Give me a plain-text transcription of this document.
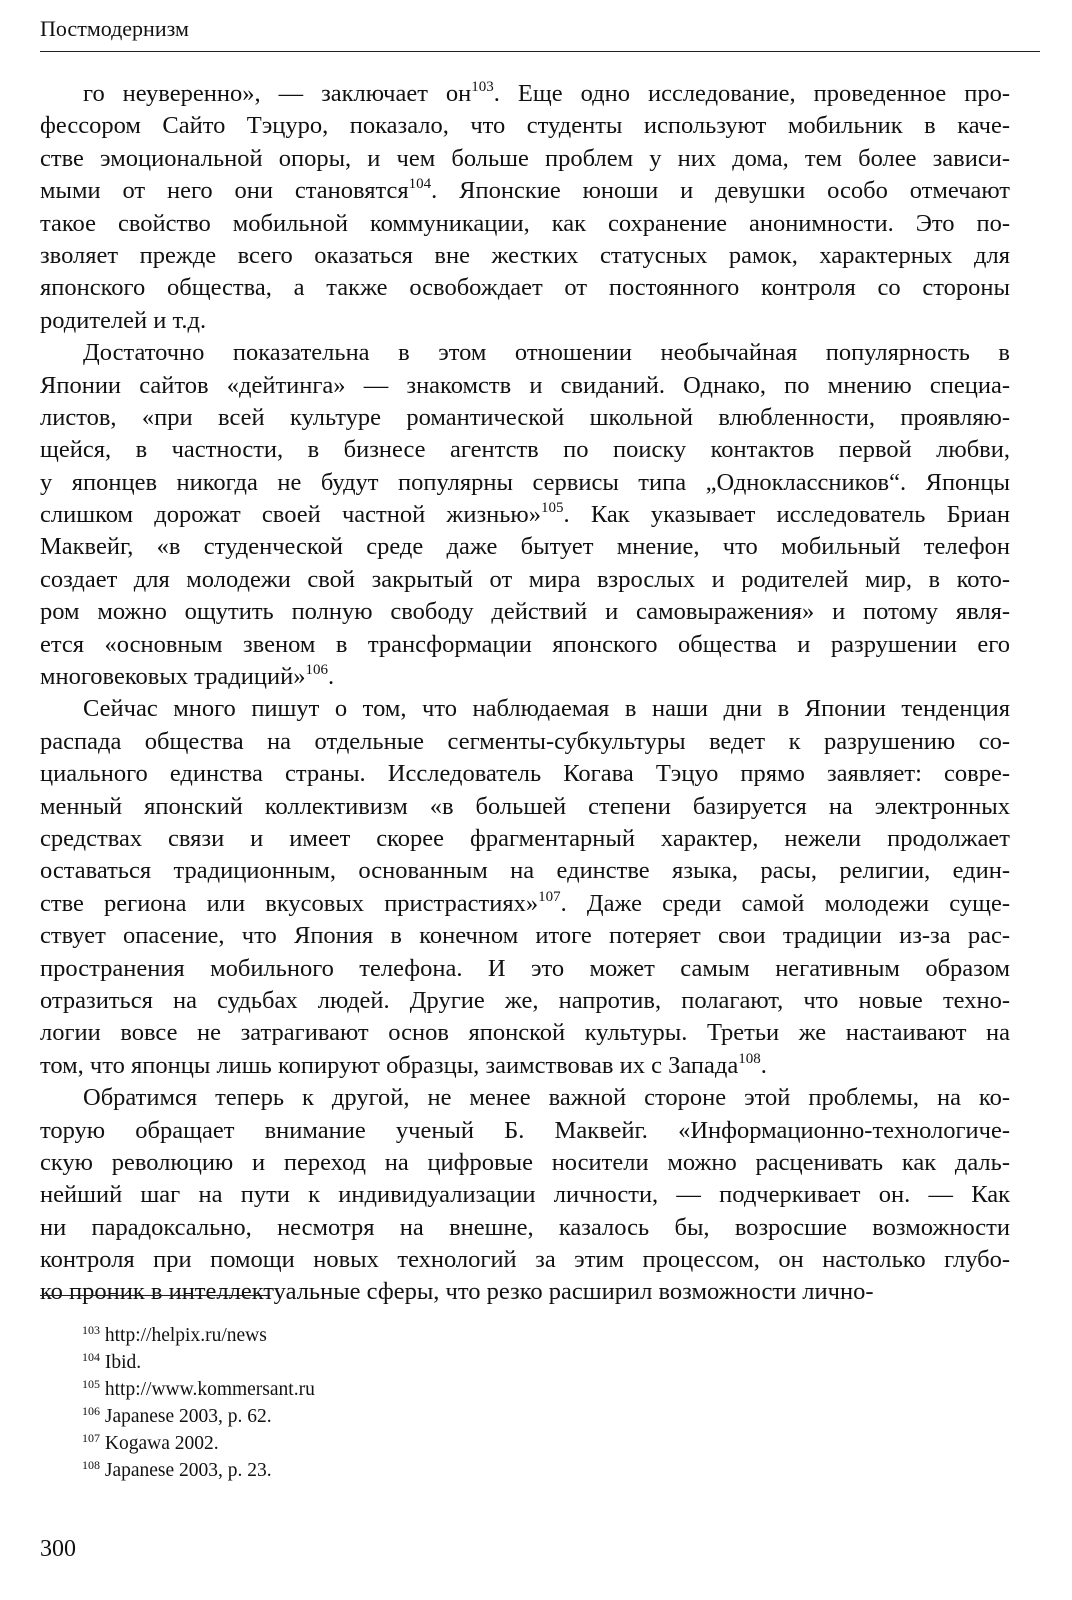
Постмодернизм
го неуверенно», — заключает $он^{103}$. Еще одно исследование, проведенное про-
фессором Сайто Тэцуро, показало, что студенты используют мобильник в каче-
стве эмоциональной опоры, и чем больше проблем у них дома, тем более зависи-
мыми от него они становятся$^{104}$. Японские юноши и девушки особо отмечают
такое свойство мобильной коммуникации, как сохранение анонимности. Это по-
зволяет прежде всего оказаться вне жестких статусных рамок, характерных для
японского общества, а также освобождает от постоянного контроля со стороны
родителей и т.д.
Достаточно показательна в этом отношении необычайная популярность в
Японии сайтов «дейтинга» — знакомств и свиданий. Однако, по мнению специа-
листов, «при всей культуре романтической школьной влюбленности, проявляю-
щейся, в частности, в бизнесе агентств по поиску контактов первой любви,
у японцев никогда не будут популярны сервисы типа „Одноклассников“. Японцы
слишком дорожат своей частной жизнью»$^{105}$. Как указывает исследователь Бриан
Маквейг, «в студенческой среде даже бытует мнение, что мобильный телефон
создает для молодежи свой закрытый от мира взрослых и родителей мир, в кото-
ром можно ощутить полную свободу действий и самовыражения» и потому явля-
ется «основным звеном в трансформации японского общества и разрушении его
многовековых традиций»$^{106}$.
Сейчас много пишут о том, что наблюдаемая в наши дни в Японии тенденция
распада общества на отдельные сегменты-субкультуры ведет к разрушению со-
циального единства страны. Исследователь Когава Тэцуо прямо заявляет: совре-
менный японский коллективизм «в большей степени базируется на электронных
средствах связи и имеет скорее фрагментарный характер, нежели продолжает
оставаться традиционным, основанным на единстве языка, расы, религии, един-
стве региона или вкусовых пристрастиях»$^{107}$. Даже среди самой молодежи суще-
ствует опасение, что Япония в конечном итоге потеряет свои традиции из-за рас-
пространения мобильного телефона. И это может самым негативным образом
отразиться на судьбах людей. Другие же, напротив, полагают, что новые техно-
логии вовсе не затрагивают основ японской культуры. Третьи же настаивают на
том, что японцы лишь копируют образцы, заимствовав их с Запада$^{108}$.
Обратимся теперь к другой, не менее важной стороне этой проблемы, на ко-
торую обращает внимание ученый Б. Маквейг. «Информационно-технологиче-
скую революцию и переход на цифровые носители можно расценивать как даль-
нейший шаг на пути к индивидуализации личности, — подчеркивает он. — Как
ни парадоксально, несмотря на внешне, казалось бы, возросшие возможности
контроля при помощи новых технологий за этим процессом, он настолько глубо-
ко проник в интеллектуальные сферы, что резко расширил возможности лично-
$^{103}$ http://helpix.ru/news
$^{104}$ Ibid.
$^{105}$ http://www.kommersant.ru
$^{106}$ Japanese 2003, p. 62.
$^{107}$ Kogawa 2002.
$^{108}$ Japanese 2003, p. 23.
300
